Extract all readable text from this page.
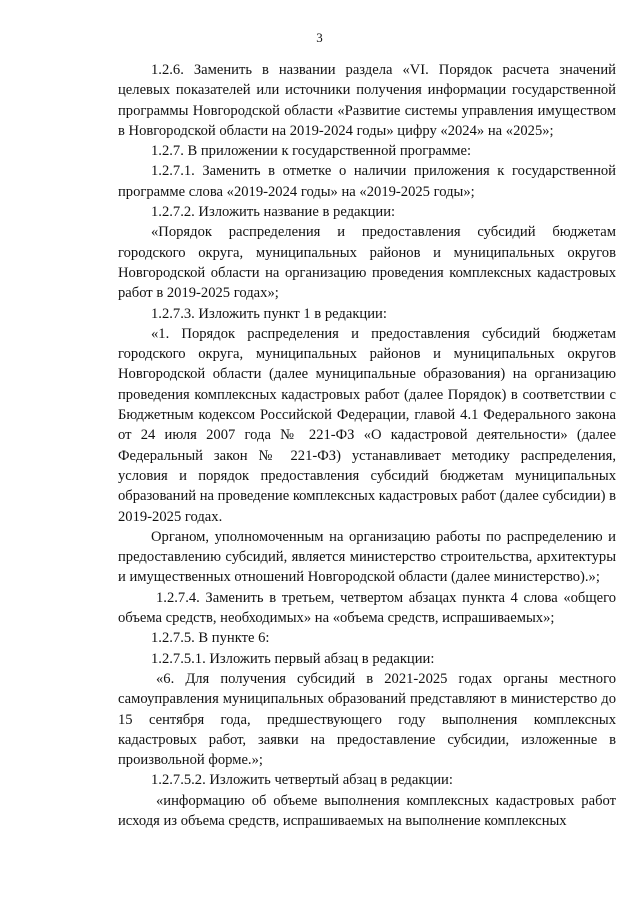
3

1.2.6. Заменить в названии раздела «VI. Порядок расчета значений целевых показателей или источники получения информации государственной программы Новгородской области «Развитие системы управления имуществом в Новгородской области на 2019-2024 годы» цифру «2024» на «2025»;

1.2.7. В приложении к государственной программе:

1.2.7.1. Заменить в отметке о наличии приложения к государственной программе слова «2019-2024 годы» на «2019-2025 годы»;

1.2.7.2. Изложить название в редакции:

«Порядок распределения и предоставления субсидий бюджетам городского округа, муниципальных районов и муниципальных округов Новгородской области на организацию проведения комплексных кадастровых работ в 2019-2025 годах»;

1.2.7.3. Изложить пункт 1 в редакции:

«1. Порядок распределения и предоставления субсидий бюджетам городского округа, муниципальных районов и муниципальных округов Новгородской области (далее муниципальные образования) на организацию проведения комплексных кадастровых работ (далее Порядок) в соответствии с Бюджетным кодексом Российской Федерации, главой 4.1 Федерального закона от 24 июля 2007 года № 221-ФЗ «О кадастровой деятельности» (далее Федеральный закон № 221-ФЗ) устанавливает методику распределения, условия и порядок предоставления субсидий бюджетам муниципальных образований на проведение комплексных кадастровых работ (далее субсидии) в 2019-2025 годах.

Органом, уполномоченным на организацию работы по распределению и предоставлению субсидий, является министерство строительства, архитектуры и имущественных отношений Новгородской области (далее министерство).»;

1.2.7.4. Заменить в третьем, четвертом абзацах пункта 4 слова «общего объема средств, необходимых» на «объема средств, испрашиваемых»;

1.2.7.5. В пункте 6:

1.2.7.5.1. Изложить первый абзац в редакции:

«6. Для получения субсидий в 2021-2025 годах органы местного самоуправления муниципальных образований представляют в министерство до 15 сентября года, предшествующего году выполнения комплексных кадастровых работ, заявки на предоставление субсидии, изложенные в произвольной форме.»;

1.2.7.5.2. Изложить четвертый абзац в редакции:

«информацию об объеме выполнения комплексных кадастровых работ исходя из объема средств, испрашиваемых на выполнение комплексных
